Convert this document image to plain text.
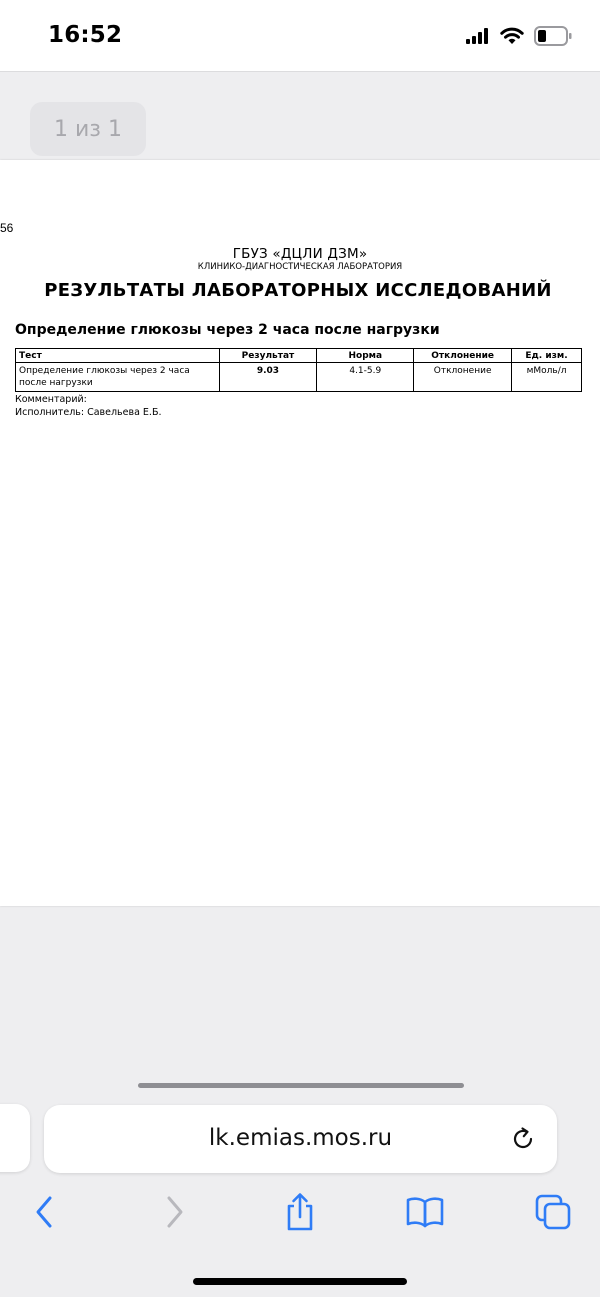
16:52
1 из 1
56
ГБУЗ «ДЦЛИ ДЗМ»
КЛИНИКО-ДИАГНОСТИЧЕСКАЯ ЛАБОРАТОРИЯ
РЕЗУЛЬТАТЫ ЛАБОРАТОРНЫХ ИССЛЕДОВАНИЙ
Определение глюкозы через 2 часа после нагрузки
Тест	Результат	Норма	Отклонение	Ед. изм.
Определение глюкозы через 2 часа после нагрузки	9.03	4.1-5.9	Отклонение	мМоль/л
Комментарий:
Исполнитель: Савельева Е.Б.
lk.emias.mos.ru
